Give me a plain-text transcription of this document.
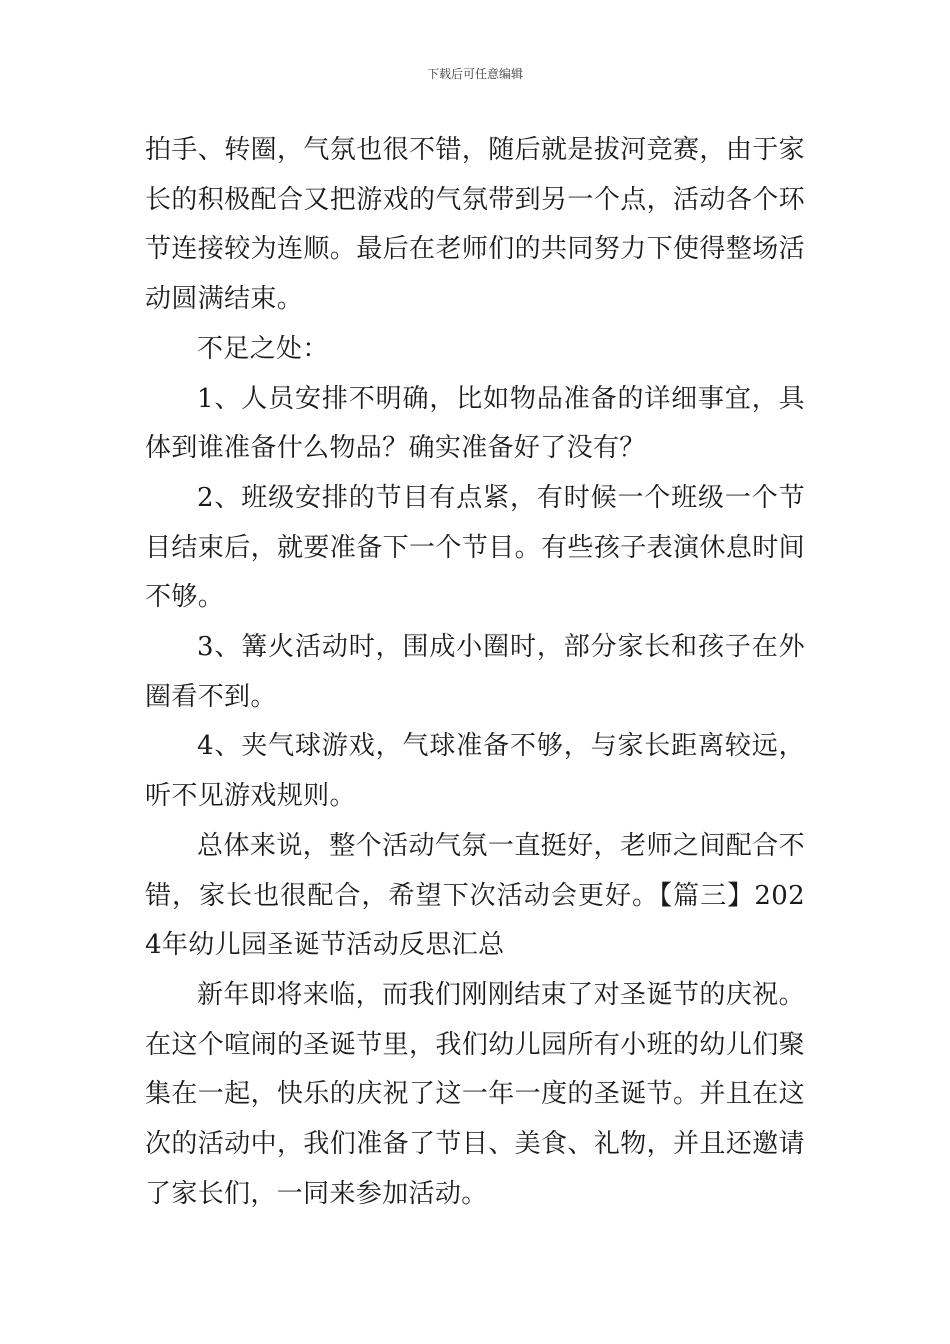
下载后可任意编辑

拍手、转圈，气氛也很不错，随后就是拔河竞赛，由于家长的积极配合又把游戏的气氛带到另一个点，活动各个环节连接较为连顺。最后在老师们的共同努力下使得整场活动圆满结束。

不足之处：

1、人员安排不明确，比如物品准备的详细事宜，具体到谁准备什么物品？确实准备好了没有？

2、班级安排的节目有点紧，有时候一个班级一个节目结束后，就要准备下一个节目。有些孩子表演休息时间不够。

3、篝火活动时，围成小圈时，部分家长和孩子在外圈看不到。

4、夹气球游戏，气球准备不够，与家长距离较远，听不见游戏规则。

总体来说，整个活动气氛一直挺好，老师之间配合不错，家长也很配合，希望下次活动会更好。【篇三】2024年幼儿园圣诞节活动反思汇总

新年即将来临，而我们刚刚结束了对圣诞节的庆祝。在这个喧闹的圣诞节里，我们幼儿园所有小班的幼儿们聚集在一起，快乐的庆祝了这一年一度的圣诞节。并且在这次的活动中，我们准备了节目、美食、礼物，并且还邀请了家长们，一同来参加活动。
